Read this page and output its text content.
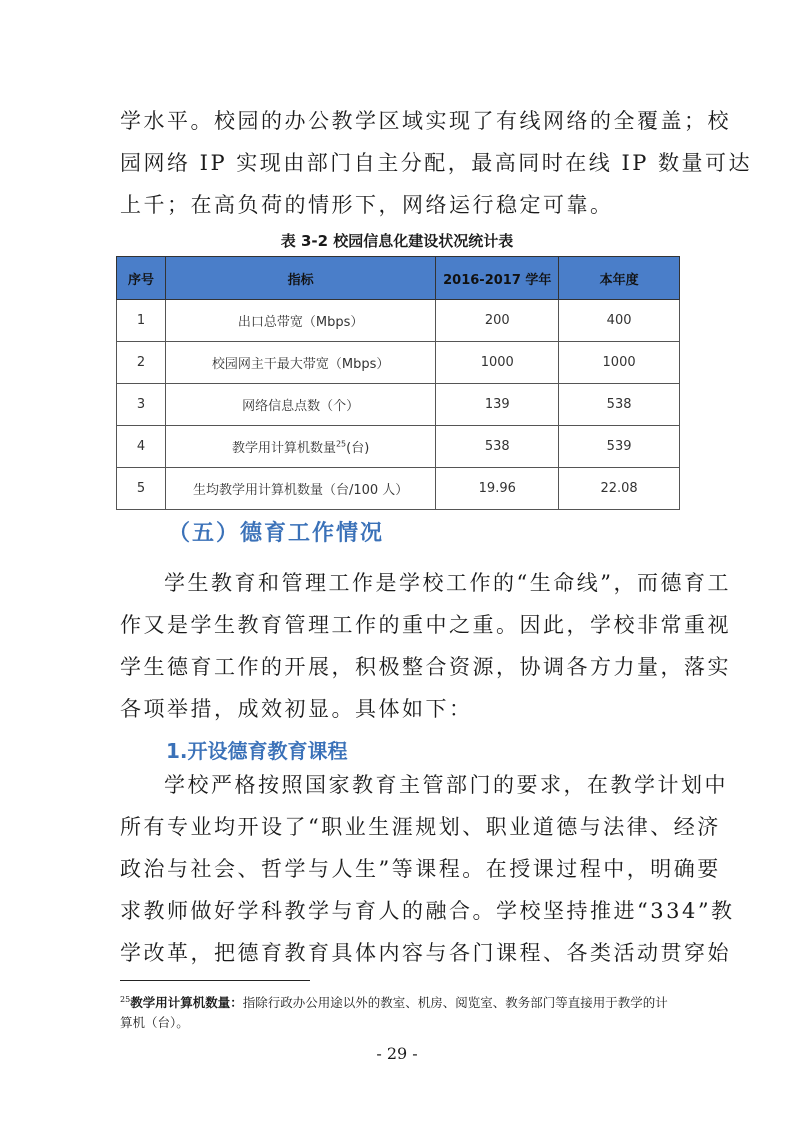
学水平。校园的办公教学区域实现了有线网络的全覆盖；校
园网络 IP 实现由部门自主分配，最高同时在线 IP 数量可达
上千；在高负荷的情形下，网络运行稳定可靠。
表 3-2 校园信息化建设状况统计表
序号	指标	2016-2017 学年	本年度
1	出口总带宽（Mbps）	200	400
2	校园网主干最大带宽（Mbps）	1000	1000
3	网络信息点数（个）	139	538
4	教学用计算机数量$^{25}$(台)	538	539
5	生均教学用计算机数量（台/100 人）	19.96	22.08
（五）德育工作情况
学生教育和管理工作是学校工作的“生命线”，而德育工
作又是学生教育管理工作的重中之重。因此，学校非常重视
学生德育工作的开展，积极整合资源，协调各方力量，落实
各项举措，成效初显。具体如下：
1.开设德育教育课程
学校严格按照国家教育主管部门的要求，在教学计划中
所有专业均开设了“职业生涯规划、职业道德与法律、经济
政治与社会、哲学与人生”等课程。在授课过程中，明确要
求教师做好学科教学与育人的融合。学校坚持推进“334”教
学改革，把德育教育具体内容与各门课程、各类活动贯穿始
$^{25}$教学用计算机数量：指除行政办公用途以外的教室、机房、阅览室、教务部门等直接用于教学的计算机（台）。
- 29 -
